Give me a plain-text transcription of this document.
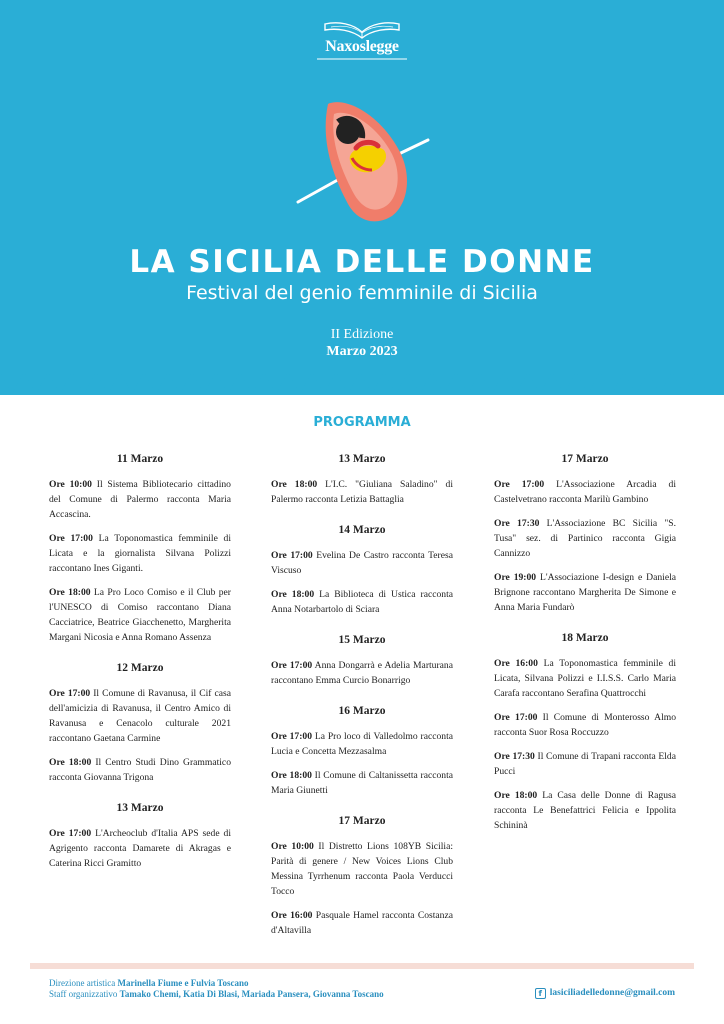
Naxoslegge
LA SICILIA DELLE DONNE
Festival del genio femminile di Sicilia
II Edizione
Marzo 2023
PROGRAMMA
11 Marzo

Ore 10:00 Il Sistema Bibliotecario cittadino del Comune di Palermo racconta Maria Accascina.

Ore 17:00 La Toponomastica femminile di Licata e la giornalista Silvana Polizzi raccontano Ines Giganti.

Ore 18:00 La Pro Loco Comiso e il Club per l'UNESCO di Comiso raccontano Diana Cacciatrice, Beatrice Giacchenetto, Margherita Margani Nicosia e Anna Romano Assenza

12 Marzo

Ore 17:00 Il Comune di Ravanusa, il Cif casa dell'amicizia di Ravanusa, il Centro Amico di Ravanusa e Cenacolo culturale 2021 raccontano Gaetana Carmine

Ore 18:00 Il Centro Studi Dino Grammatico racconta Giovanna Trigona

13 Marzo

Ore 17:00 L'Archeoclub d'Italia APS sede di Agrigento racconta Damarete di Akragas e Caterina Ricci Gramitto

13 Marzo

Ore 18:00 L'I.C. "Giuliana Saladino" di Palermo racconta Letizia Battaglia

14 Marzo

Ore 17:00 Evelina De Castro racconta Teresa Viscuso

Ore 18:00 La Biblioteca di Ustica racconta Anna Notarbartolo di Sciara

15 Marzo

Ore 17:00 Anna Dongarrà e Adelia Marturana raccontano Emma Curcio Bonarrigo

16 Marzo

Ore 17:00 La Pro loco di Valledolmo racconta Lucia e Concetta Mezzasalma

Ore 18:00 Il Comune di Caltanissetta racconta Maria Giunetti

17 Marzo

Ore 10:00 Il Distretto Lions 108YB Sicilia: Parità di genere / New Voices Lions Club Messina Tyrrhenum racconta Paola Verducci Tocco

Ore 16:00 Pasquale Hamel racconta Costanza d'Altavilla

17 Marzo

Ore 17:00 L'Associazione Arcadia di Castelvetrano racconta Marilù Gambino

Ore 17:30 L'Associazione BC Sicilia "S. Tusa" sez. di Partinico racconta Gigia Cannizzo

Ore 19:00 L'Associazione I-design e Daniela Brignone raccontano Margherita De Simone e Anna Maria Fundarò

18 Marzo

Ore 16:00 La Toponomastica femminile di Licata, Silvana Polizzi e I.I.S.S. Carlo Maria Carafa raccontano Serafina Quattrocchi

Ore 17:00 Il Comune di Monterosso Almo racconta Suor Rosa Roccuzzo

Ore 17:30 Il Comune di Trapani racconta Elda Pucci

Ore 18:00 La Casa delle Donne di Ragusa racconta Le Benefattrici Felicia e Ippolita Schininà

Direzione artistica Marinella Fiume e Fulvia Toscano
Staff organizzativo Tamako Chemi, Katia Di Blasi, Mariada Pansera, Giovanna Toscano	f lasiciliadelledonne@gmail.com
